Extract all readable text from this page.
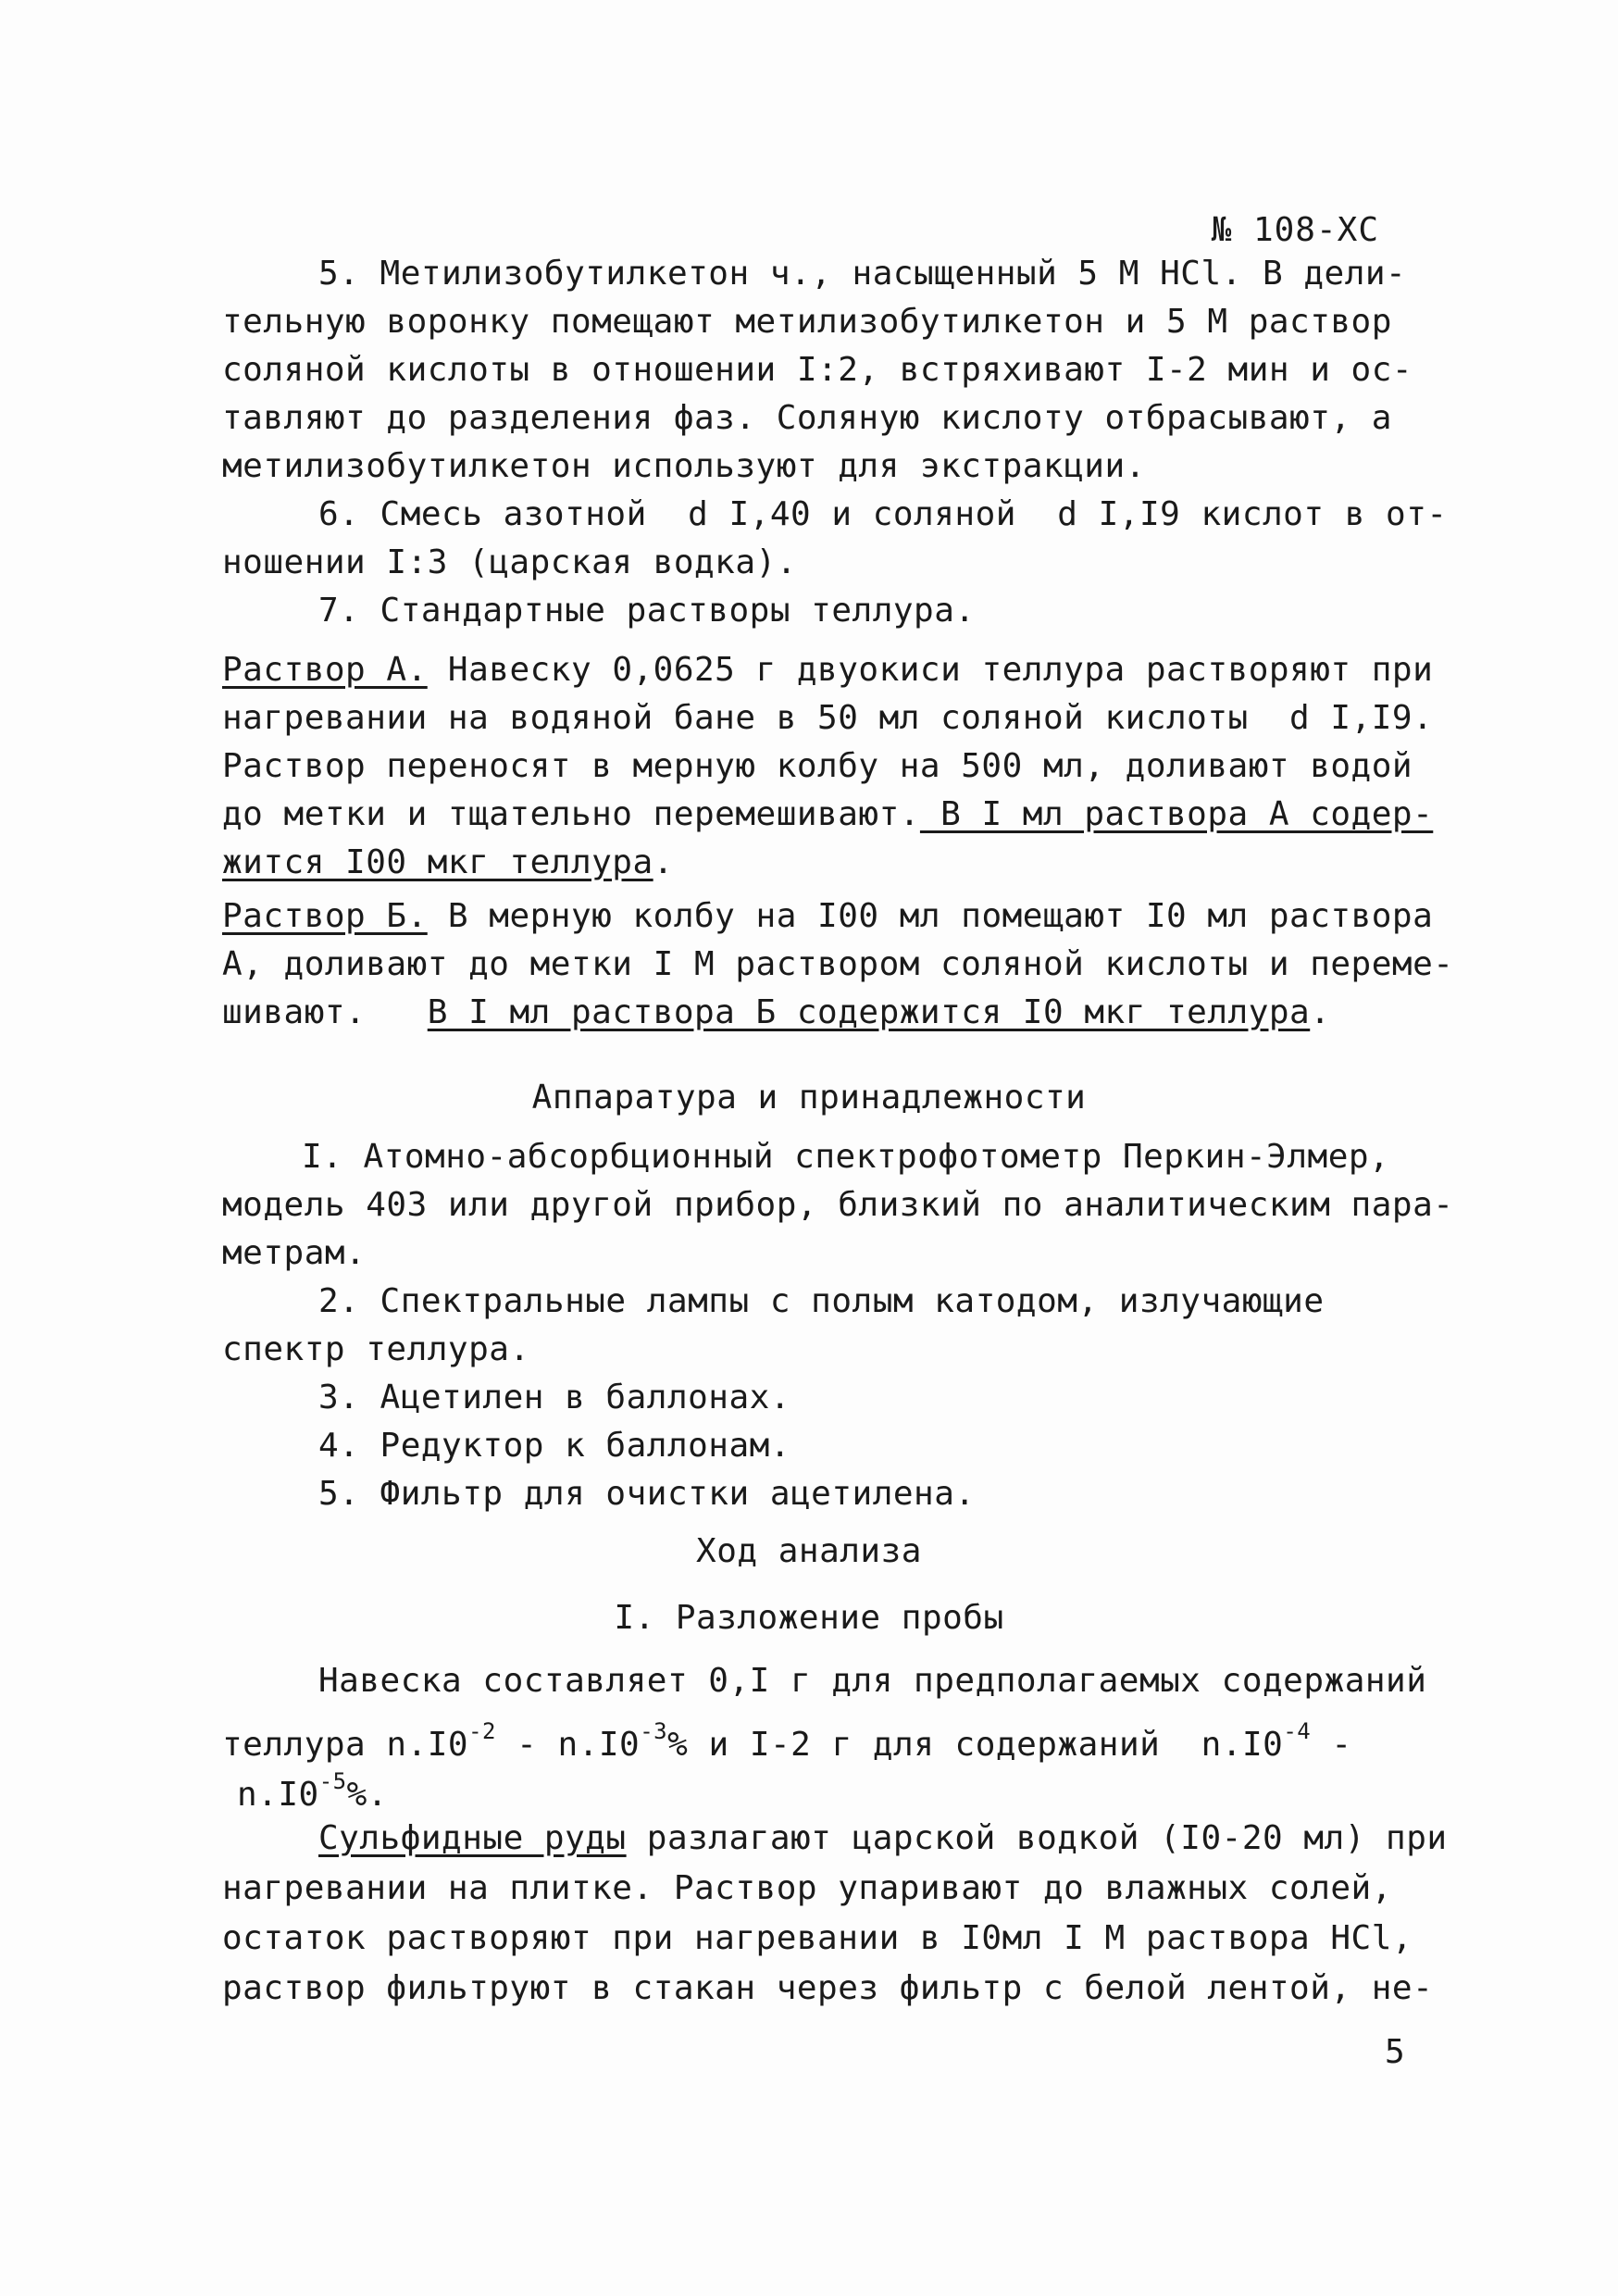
№ 108-ХС
5. Метилизобутилкетон ч., насыщенный 5 М HCl. В дели-
тельную воронку помещают метилизобутилкетон и 5 М раствор
соляной кислоты в отношении I:2, встряхивают I-2 мин и ос-
тавляют до разделения фаз. Соляную кислоту отбрасывают, а
метилизобутилкетон используют для экстракции.
6. Смесь азотной  d I,40 и соляной  d I,I9 кислот в от-
ношении I:3 (царская водка).
7. Стандартные растворы теллура.
Раствор А. Навеску 0,0625 г двуокиси теллура растворяют при
нагревании на водяной бане в 50 мл соляной кислоты  d I,I9.
Раствор переносят в мерную колбу на 500 мл, доливают водой
до метки и тщательно перемешивают. В I мл раствора А содер-
жится I00 мкг теллура.
Раствор Б. В мерную колбу на I00 мл помещают I0 мл раствора
А, доливают до метки I М раствором соляной кислоты и переме-
шивают.   В I мл раствора Б содержится I0 мкг теллура.
Аппаратура и принадлежности
I. Атомно-абсорбционный спектрофотометр Перкин-Элмер,
модель 403 или другой прибор, близкий по аналитическим пара-
метрам.
2. Спектральные лампы с полым катодом, излучающие
спектр теллура.
3. Ацетилен в баллонах.
4. Редуктор к баллонам.
5. Фильтр для очистки ацетилена.
Ход анализа
I. Разложение пробы
Навеска составляет 0,I г для предполагаемых содержаний
теллура $n.I0^{-2} - n.I0^{-3}\%$ и I-2 г для содержаний  $n.I0^{-4}$ -
$n.I0^{-5}\%$.
Сульфидные руды разлагают царской водкой (I0-20 мл) при
нагревании на плитке. Раствор упаривают до влажных солей,
остаток растворяют при нагревании в I0мл I М раствора HCl,
раствор фильтруют в стакан через фильтр с белой лентой, не-
5
